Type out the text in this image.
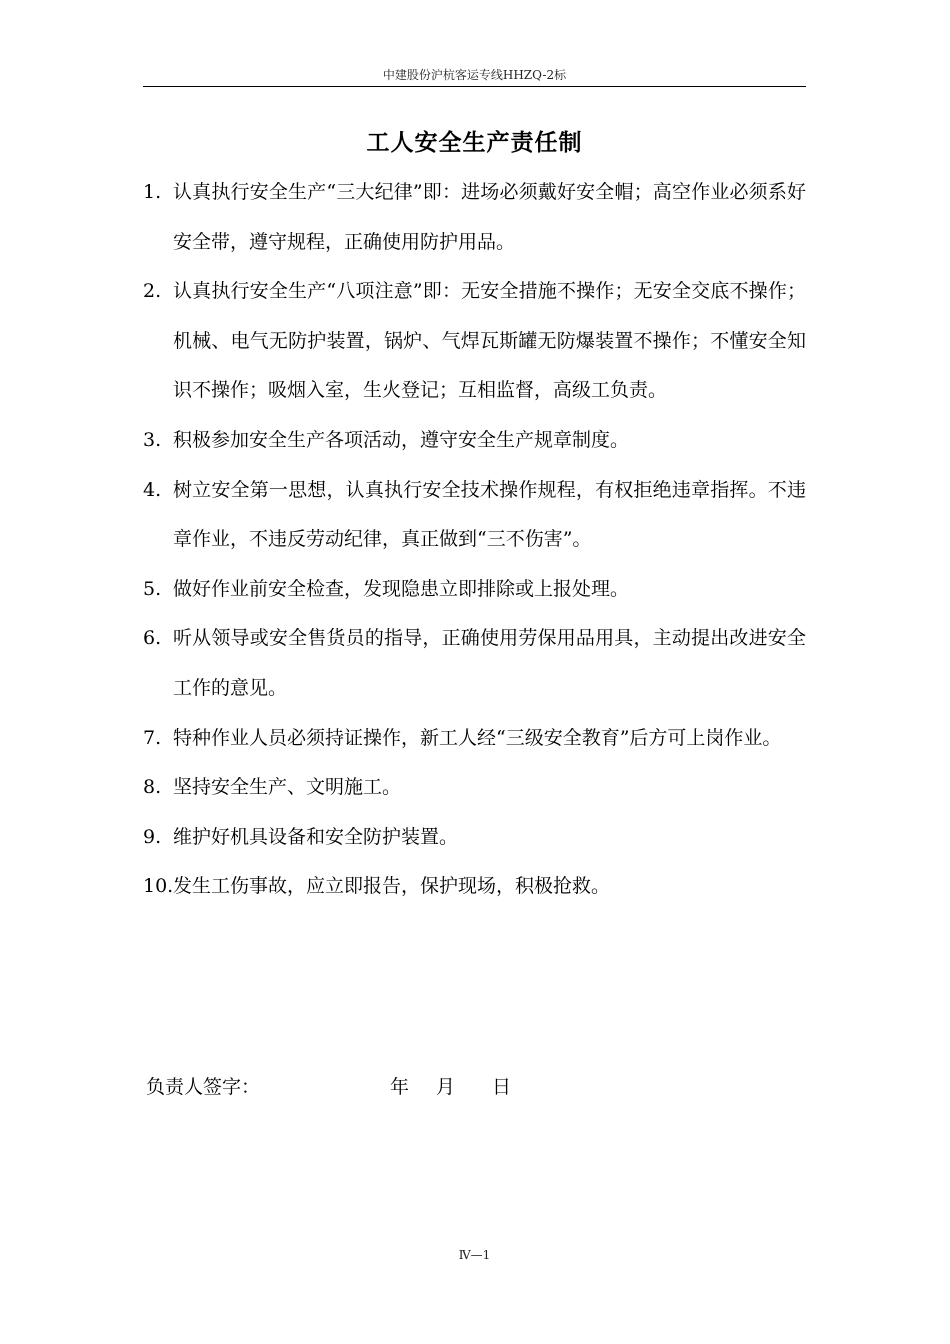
中建股份沪杭客运专线HHZQ-2标
工人安全生产责任制
1. 认真执行安全生产“三大纪律”即：进场必须戴好安全帽；高空作业必须系好安全带，遵守规程，正确使用防护用品。
2. 认真执行安全生产“八项注意”即：无安全措施不操作；无安全交底不操作；机械、电气无防护装置，锅炉、气焊瓦斯罐无防爆装置不操作；不懂安全知识不操作；吸烟入室，生火登记；互相监督，高级工负责。
3. 积极参加安全生产各项活动，遵守安全生产规章制度。
4. 树立安全第一思想，认真执行安全技术操作规程，有权拒绝违章指挥。不违章作业，不违反劳动纪律，真正做到“三不伤害”。
5. 做好作业前安全检查，发现隐患立即排除或上报处理。
6. 听从领导或安全售货员的指导，正确使用劳保用品用具，主动提出改进安全工作的意见。
7. 特种作业人员必须持证操作，新工人经“三级安全教育”后方可上岗作业。
8. 坚持安全生产、文明施工。
9. 维护好机具设备和安全防护装置。
10. 发生工伤事故，应立即报告，保护现场，积极抢救。
负责人签字：	年 月 日
Ⅳ—1
